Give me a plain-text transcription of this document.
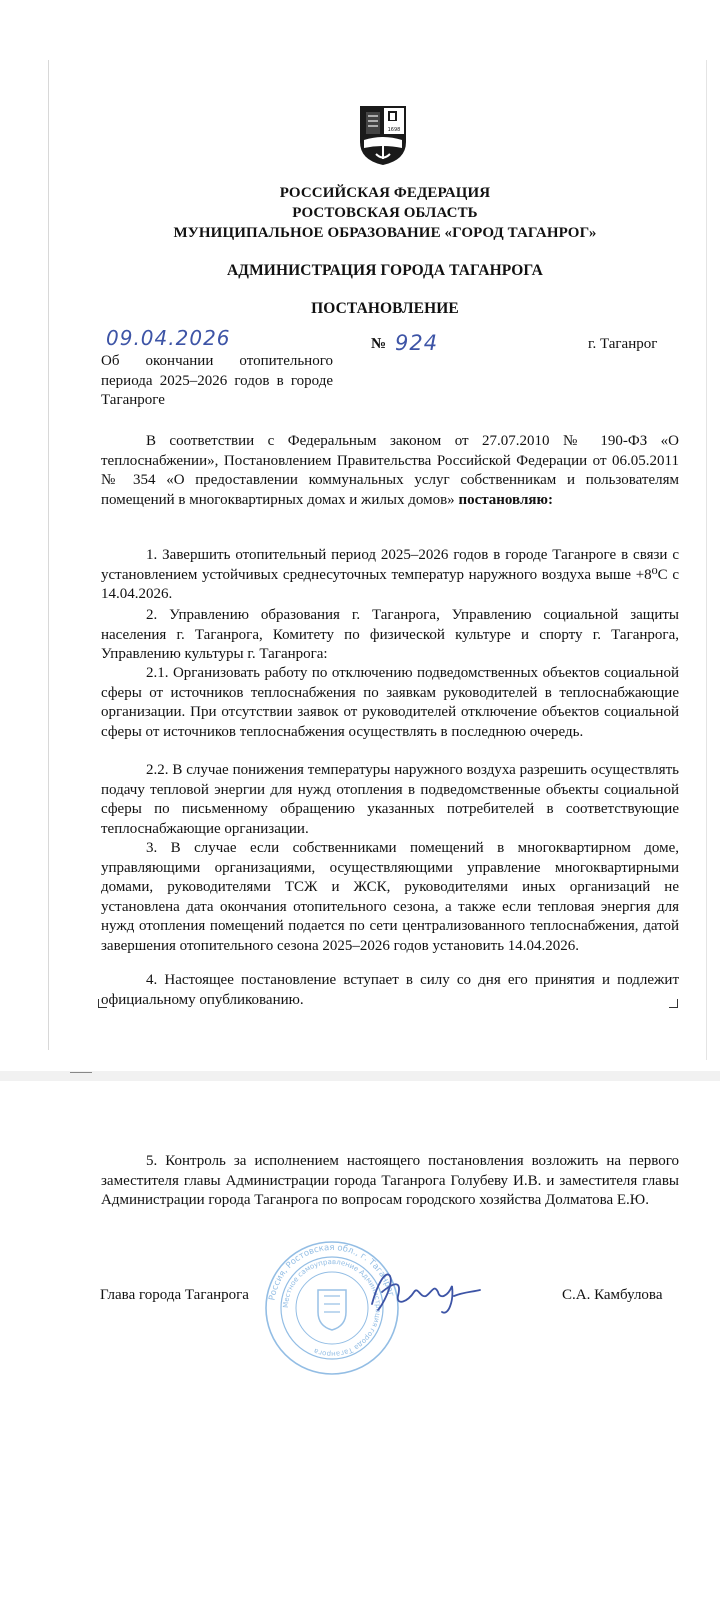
1698
РОССИЙСКАЯ ФЕДЕРАЦИЯ
РОСТОВСКАЯ ОБЛАСТЬ
МУНИЦИПАЛЬНОЕ ОБРАЗОВАНИЕ «ГОРОД ТАГАНРОГ»
АДМИНИСТРАЦИЯ ГОРОДА ТАГАНРОГА
ПОСТАНОВЛЕНИЕ
09.04.2026	№ 924	г. Таганрог
Об окончании отопительного периода 2025–2026 годов в городе Таганроге

В соответствии с Федеральным законом от 27.07.2010 № 190-ФЗ «О теплоснабжении», Постановлением Правительства Российской Федерации от 06.05.2011 № 354 «О предоставлении коммунальных услуг собственникам и пользователям помещений в многоквартирных домах и жилых домов» постановляю:

1. Завершить отопительный период 2025–2026 годов в городе Таганроге в связи с установлением устойчивых среднесуточных температур наружного воздуха выше +8⁰С с 14.04.2026.

2. Управлению образования г. Таганрога, Управлению социальной защиты населения г. Таганрога, Комитету по физической культуре и спорту г. Таганрога, Управлению культуры г. Таганрога:

2.1. Организовать работу по отключению подведомственных объектов социальной сферы от источников теплоснабжения по заявкам руководителей в теплоснабжающие организации. При отсутствии заявок от руководителей отключение объектов социальной сферы от источников теплоснабжения осуществлять в последнюю очередь.

2.2. В случае понижения температуры наружного воздуха разрешить осуществлять подачу тепловой энергии для нужд отопления в подведомственные объекты социальной сферы по письменному обращению указанных потребителей в соответствующие теплоснабжающие организации.

3. В случае если собственниками помещений в многоквартирном доме, управляющими организациями, осуществляющими управление многоквартирными домами, руководителями ТСЖ и ЖСК, руководителями иных организаций не установлена дата окончания отопительного сезона, а также если тепловая энергия для нужд отопления помещений подается по сети централизованного теплоснабжения, датой завершения отопительного сезона 2025–2026 годов установить 14.04.2026.

4. Настоящее постановление вступает в силу со дня его принятия и подлежит официальному опубликованию.

5. Контроль за исполнением настоящего постановления возложить на первого заместителя главы Администрации города Таганрога Голубеву И.В. и заместителя главы Администрации города Таганрога по вопросам городского хозяйства Долматова Е.Ю.

Россия, Ростовская обл., г. Таганрог
Местное самоуправление Администрация города Таганрога
Глава города Таганрога	С.А. Камбулова
